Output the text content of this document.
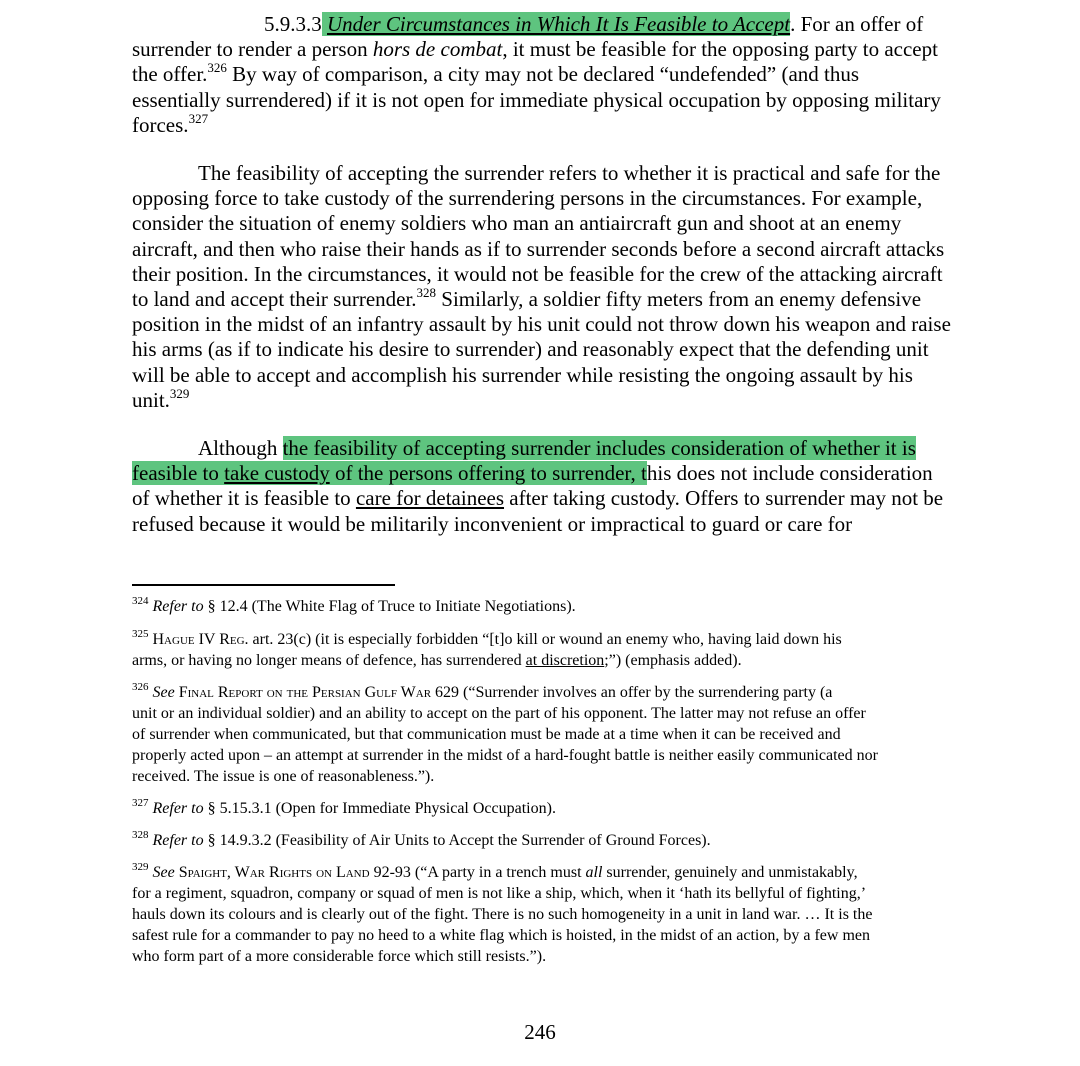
5.9.3.3 Under Circumstances in Which It Is Feasible to Accept. For an offer of
surrender to render a person hors de combat, it must be feasible for the opposing party to accept
the offer.$^{326}$ By way of comparison, a city may not be declared “undefended” (and thus
essentially surrendered) if it is not open for immediate physical occupation by opposing military
forces.$^{327}$
The feasibility of accepting the surrender refers to whether it is practical and safe for the
opposing force to take custody of the surrendering persons in the circumstances. For example,
consider the situation of enemy soldiers who man an antiaircraft gun and shoot at an enemy
aircraft, and then who raise their hands as if to surrender seconds before a second aircraft attacks
their position. In the circumstances, it would not be feasible for the crew of the attacking aircraft
to land and accept their surrender.$^{328}$ Similarly, a soldier fifty meters from an enemy defensive
position in the midst of an infantry assault by his unit could not throw down his weapon and raise
his arms (as if to indicate his desire to surrender) and reasonably expect that the defending unit
will be able to accept and accomplish his surrender while resisting the ongoing assault by his
unit.$^{329}$
Although the feasibility of accepting surrender includes consideration of whether it is
feasible to take custody of the persons offering to surrender, this does not include consideration
of whether it is feasible to care for detainees after taking custody. Offers to surrender may not be
refused because it would be militarily inconvenient or impractical to guard or care for
$^{324}$ Refer to § 12.4 (The White Flag of Truce to Initiate Negotiations).
$^{325}$ Hague IV Reg. art. 23(c) (it is especially forbidden “[t]o kill or wound an enemy who, having laid down his
arms, or having no longer means of defence, has surrendered at discretion;”) (emphasis added).
$^{326}$ See Final Report on the Persian Gulf War 629 (“Surrender involves an offer by the surrendering party (a
unit or an individual soldier) and an ability to accept on the part of his opponent. The latter may not refuse an offer
of surrender when communicated, but that communication must be made at a time when it can be received and
properly acted upon – an attempt at surrender in the midst of a hard-fought battle is neither easily communicated nor
received. The issue is one of reasonableness.”).
$^{327}$ Refer to § 5.15.3.1 (Open for Immediate Physical Occupation).
$^{328}$ Refer to § 14.9.3.2 (Feasibility of Air Units to Accept the Surrender of Ground Forces).
$^{329}$ See Spaight, War Rights on Land 92-93 (“A party in a trench must all surrender, genuinely and unmistakably,
for a regiment, squadron, company or squad of men is not like a ship, which, when it ‘hath its bellyful of fighting,’
hauls down its colours and is clearly out of the fight. There is no such homogeneity in a unit in land war. … It is the
safest rule for a commander to pay no heed to a white flag which is hoisted, in the midst of an action, by a few men
who form part of a more considerable force which still resists.”).
246
